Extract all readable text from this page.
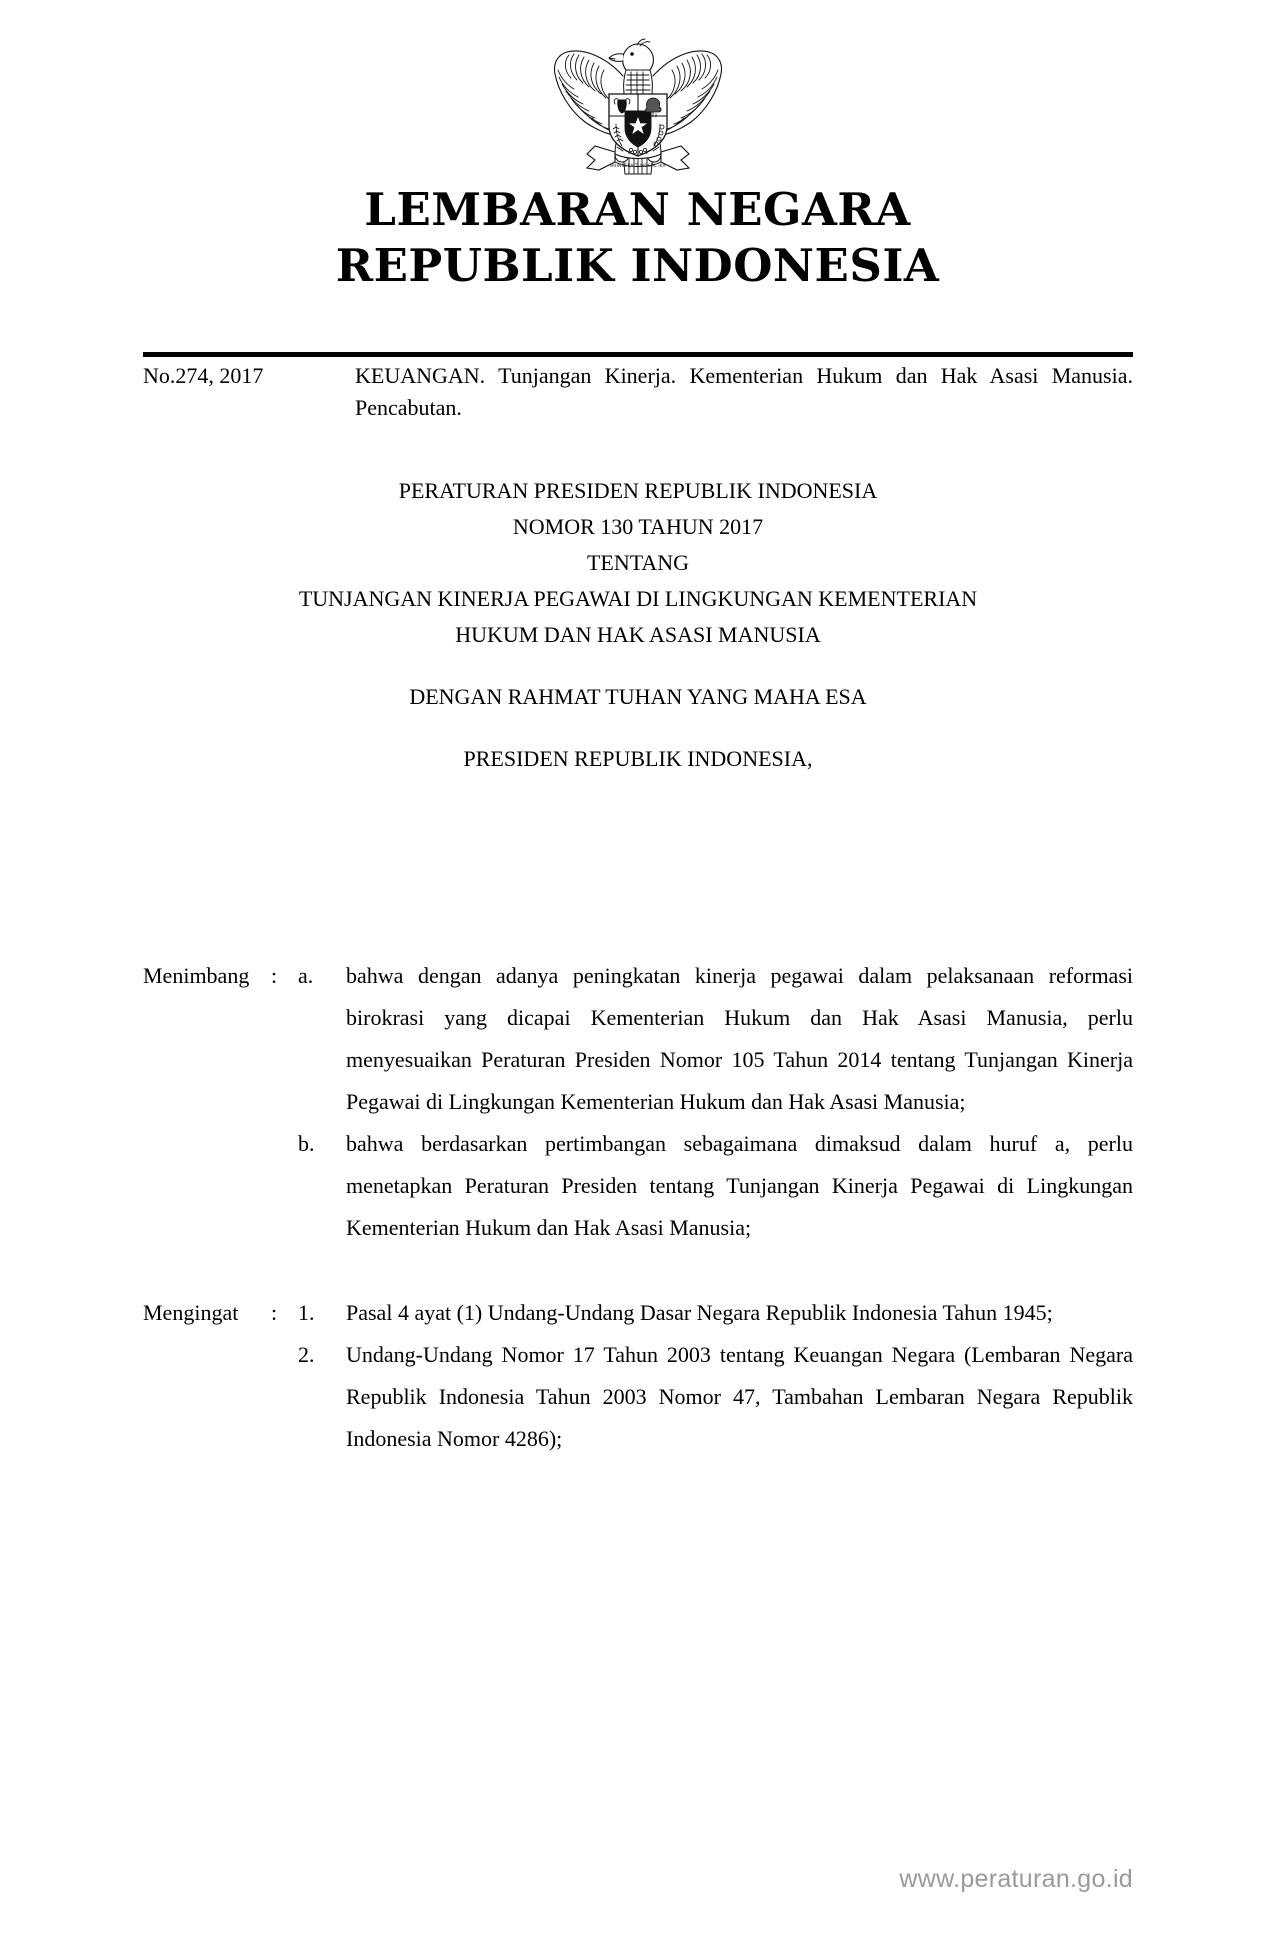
BHINNEKA TUNGGAL IKA
LEMBARAN NEGARA
REPUBLIK INDONESIA
No.274, 2017	KEUANGAN. Tunjangan Kinerja. Kementerian Hukum dan Hak Asasi Manusia. Pencabutan.
PERATURAN PRESIDEN REPUBLIK INDONESIA
NOMOR 130 TAHUN 2017
TENTANG
TUNJANGAN KINERJA PEGAWAI DI LINGKUNGAN KEMENTERIAN
HUKUM DAN HAK ASASI MANUSIA
DENGAN RAHMAT TUHAN YANG MAHA ESA
PRESIDEN REPUBLIK INDONESIA,
Menimbang : a.	bahwa dengan adanya peningkatan kinerja pegawai dalam pelaksanaan reformasi birokrasi yang dicapai Kementerian Hukum dan Hak Asasi Manusia, perlu menyesuaikan Peraturan Presiden Nomor 105 Tahun 2014 tentang Tunjangan Kinerja Pegawai di Lingkungan Kementerian Hukum dan Hak Asasi Manusia;
b.	bahwa berdasarkan pertimbangan sebagaimana dimaksud dalam huruf a, perlu menetapkan Peraturan Presiden tentang Tunjangan Kinerja Pegawai di Lingkungan Kementerian Hukum dan Hak Asasi Manusia;
Mengingat	: 1.	Pasal 4 ayat (1) Undang-Undang Dasar Negara Republik Indonesia Tahun 1945;
2.	Undang-Undang Nomor 17 Tahun 2003 tentang Keuangan Negara (Lembaran Negara Republik Indonesia Tahun 2003 Nomor 47, Tambahan Lembaran Negara Republik Indonesia Nomor 4286);
www.peraturan.go.id
